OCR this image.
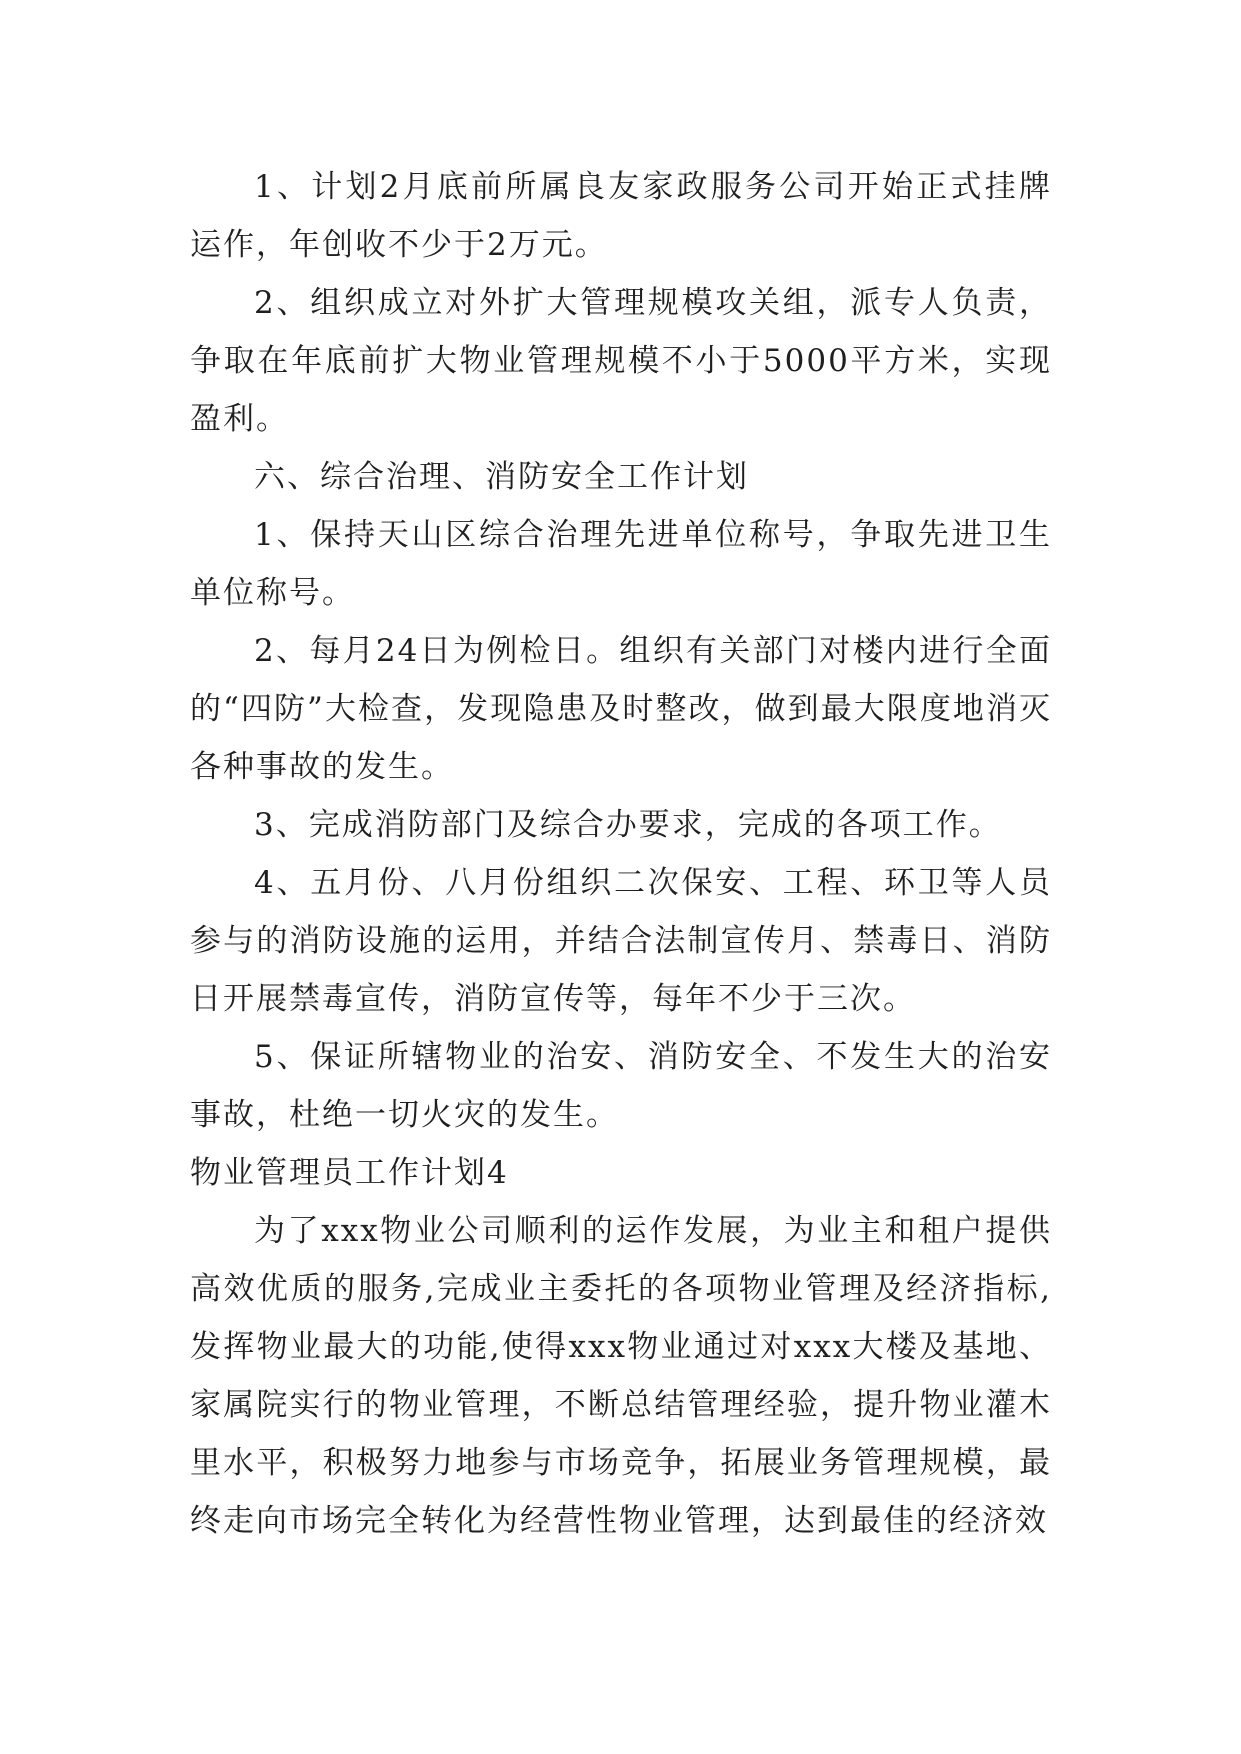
1、计划2月底前所属良友家政服务公司开始正式挂牌运作，年创收不少于2万元。

2、组织成立对外扩大管理规模攻关组，派专人负责，争取在年底前扩大物业管理规模不小于5000平方米，实现盈利。

六、综合治理、消防安全工作计划

1、保持天山区综合治理先进单位称号，争取先进卫生单位称号。

2、每月24日为例检日。组织有关部门对楼内进行全面的“四防”大检查，发现隐患及时整改，做到最大限度地消灭各种事故的发生。

3、完成消防部门及综合办要求，完成的各项工作。

4、五月份、八月份组织二次保安、工程、环卫等人员参与的消防设施的运用，并结合法制宣传月、禁毒日、消防日开展禁毒宣传，消防宣传等，每年不少于三次。

5、保证所辖物业的治安、消防安全、不发生大的治安事故，杜绝一切火灾的发生。

物业管理员工作计划4

为了xxx物业公司顺利的运作发展，为业主和租户提供高效优质的服务,完成业主委托的各项物业管理及经济指标,发挥物业最大的功能,使得xxx物业通过对xxx大楼及基地、家属院实行的物业管理，不断总结管理经验，提升物业灌木里水平，积极努力地参与市场竞争，拓展业务管理规模，最终走向市场完全转化为经营性物业管理，达到最佳的经济效
